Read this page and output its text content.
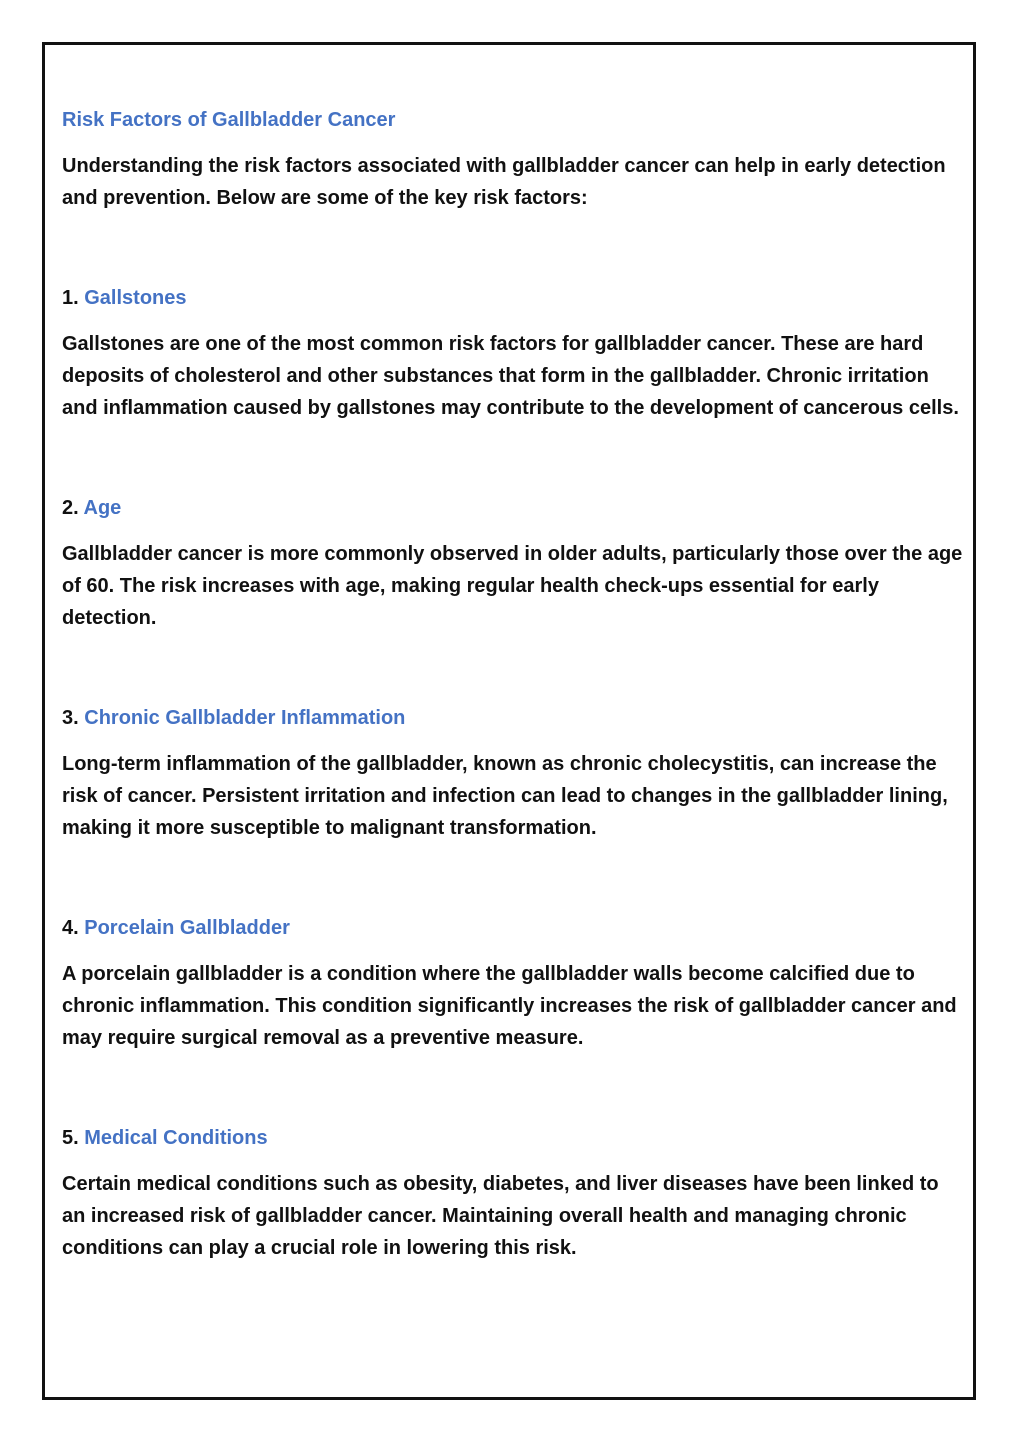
Risk Factors of Gallbladder Cancer

Understanding the risk factors associated with gallbladder cancer can help in early detection and prevention. Below are some of the key risk factors:

1. Gallstones

Gallstones are one of the most common risk factors for gallbladder cancer. These are hard deposits of cholesterol and other substances that form in the gallbladder. Chronic irritation and inflammation caused by gallstones may contribute to the development of cancerous cells.

2. Age

Gallbladder cancer is more commonly observed in older adults, particularly those over the age of 60. The risk increases with age, making regular health check-ups essential for early detection.

3. Chronic Gallbladder Inflammation

Long-term inflammation of the gallbladder, known as chronic cholecystitis, can increase the risk of cancer. Persistent irritation and infection can lead to changes in the gallbladder lining, making it more susceptible to malignant transformation.

4. Porcelain Gallbladder

A porcelain gallbladder is a condition where the gallbladder walls become calcified due to chronic inflammation. This condition significantly increases the risk of gallbladder cancer and may require surgical removal as a preventive measure.

5. Medical Conditions

Certain medical conditions such as obesity, diabetes, and liver diseases have been linked to an increased risk of gallbladder cancer. Maintaining overall health and managing chronic conditions can play a crucial role in lowering this risk.
